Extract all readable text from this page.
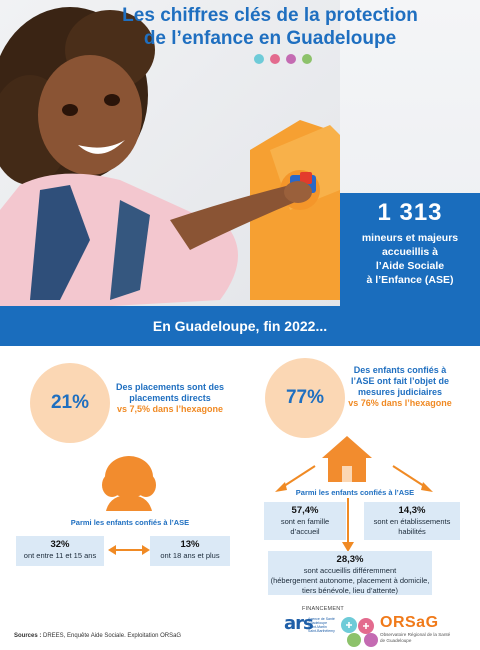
Les chiffres clés de la protection
de l’enfance en Guadeloupe
1 313
mineurs et majeurs
accueillis à
l’Aide Sociale
à l’Enfance (ASE)
En Guadeloupe, fin 2022...
21%
Des placements sont des
placements directs
vs 7,5% dans l’hexagone
77%
Des enfants confiés à
l’ASE ont fait l’objet de
mesures judiciaires
vs 76% dans l’hexagone
Parmi les enfants confiés à l’ASE
32%
ont entre 11 et 15 ans
13%
ont 18 ans et plus
Parmi les enfants confiés à l’ASE
57,4%
sont en famille
d’accueil
14,3%
sont en établissements
habilités
28,3%
sont accueillis différemment
(hébergement autonome, placement à domicile,
tiers bénévole, lieu d’attente)
FINANCEMENT
Sources : DREES, Enquête Aide Sociale. Exploitation ORSaG
ars
Agence de Santé
Guadeloupe
Saint-Martin
Saint-Barthélemy	ORSaG
Observatoire Régional de la Santé
de Guadeloupe
